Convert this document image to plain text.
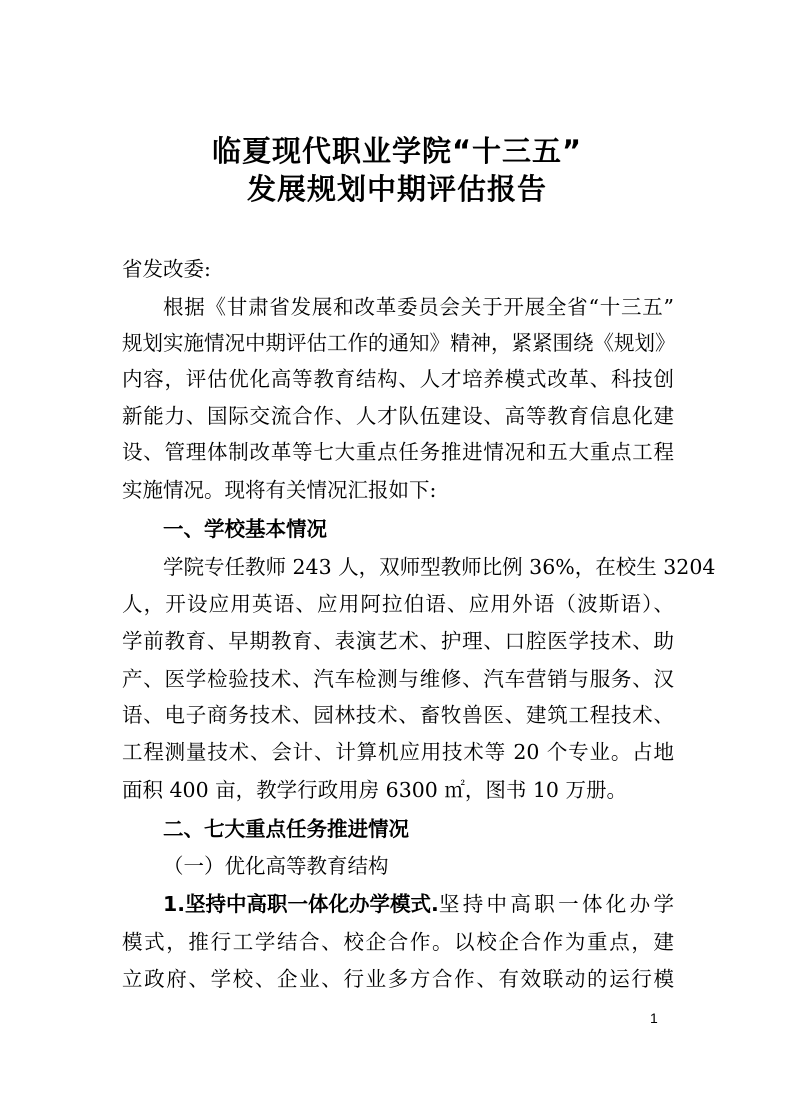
临夏现代职业学院“十三五”
发展规划中期评估报告
省发改委:
根据《甘肃省发展和改革委员会关于开展全省“十三五”
规划实施情况中期评估工作的通知》精神，紧紧围绕《规划》
内容，评估优化高等教育结构、人才培养模式改革、科技创
新能力、国际交流合作、人才队伍建设、高等教育信息化建
设、管理体制改革等七大重点任务推进情况和五大重点工程
实施情况。现将有关情况汇报如下:
一、学校基本情况
学院专任教师 243 人，双师型教师比例 36%，在校生 3204
人，开设应用英语、应用阿拉伯语、应用外语（波斯语）、
学前教育、早期教育、表演艺术、护理、口腔医学技术、助
产、医学检验技术、汽车检测与维修、汽车营销与服务、汉
语、电子商务技术、园林技术、畜牧兽医、建筑工程技术、
工程测量技术、会计、计算机应用技术等 20 个专业。占地
面积 400 亩，教学行政用房 6300 ㎡，图书 10 万册。
二、七大重点任务推进情况
（一）优化高等教育结构
1.坚持中高职一体化办学模式. 坚持中高职一体化办学
模式，推行工学结合、校企合作。以校企合作为重点，建
立政府、学校、企业、行业多方合作、有效联动的运行模
1
